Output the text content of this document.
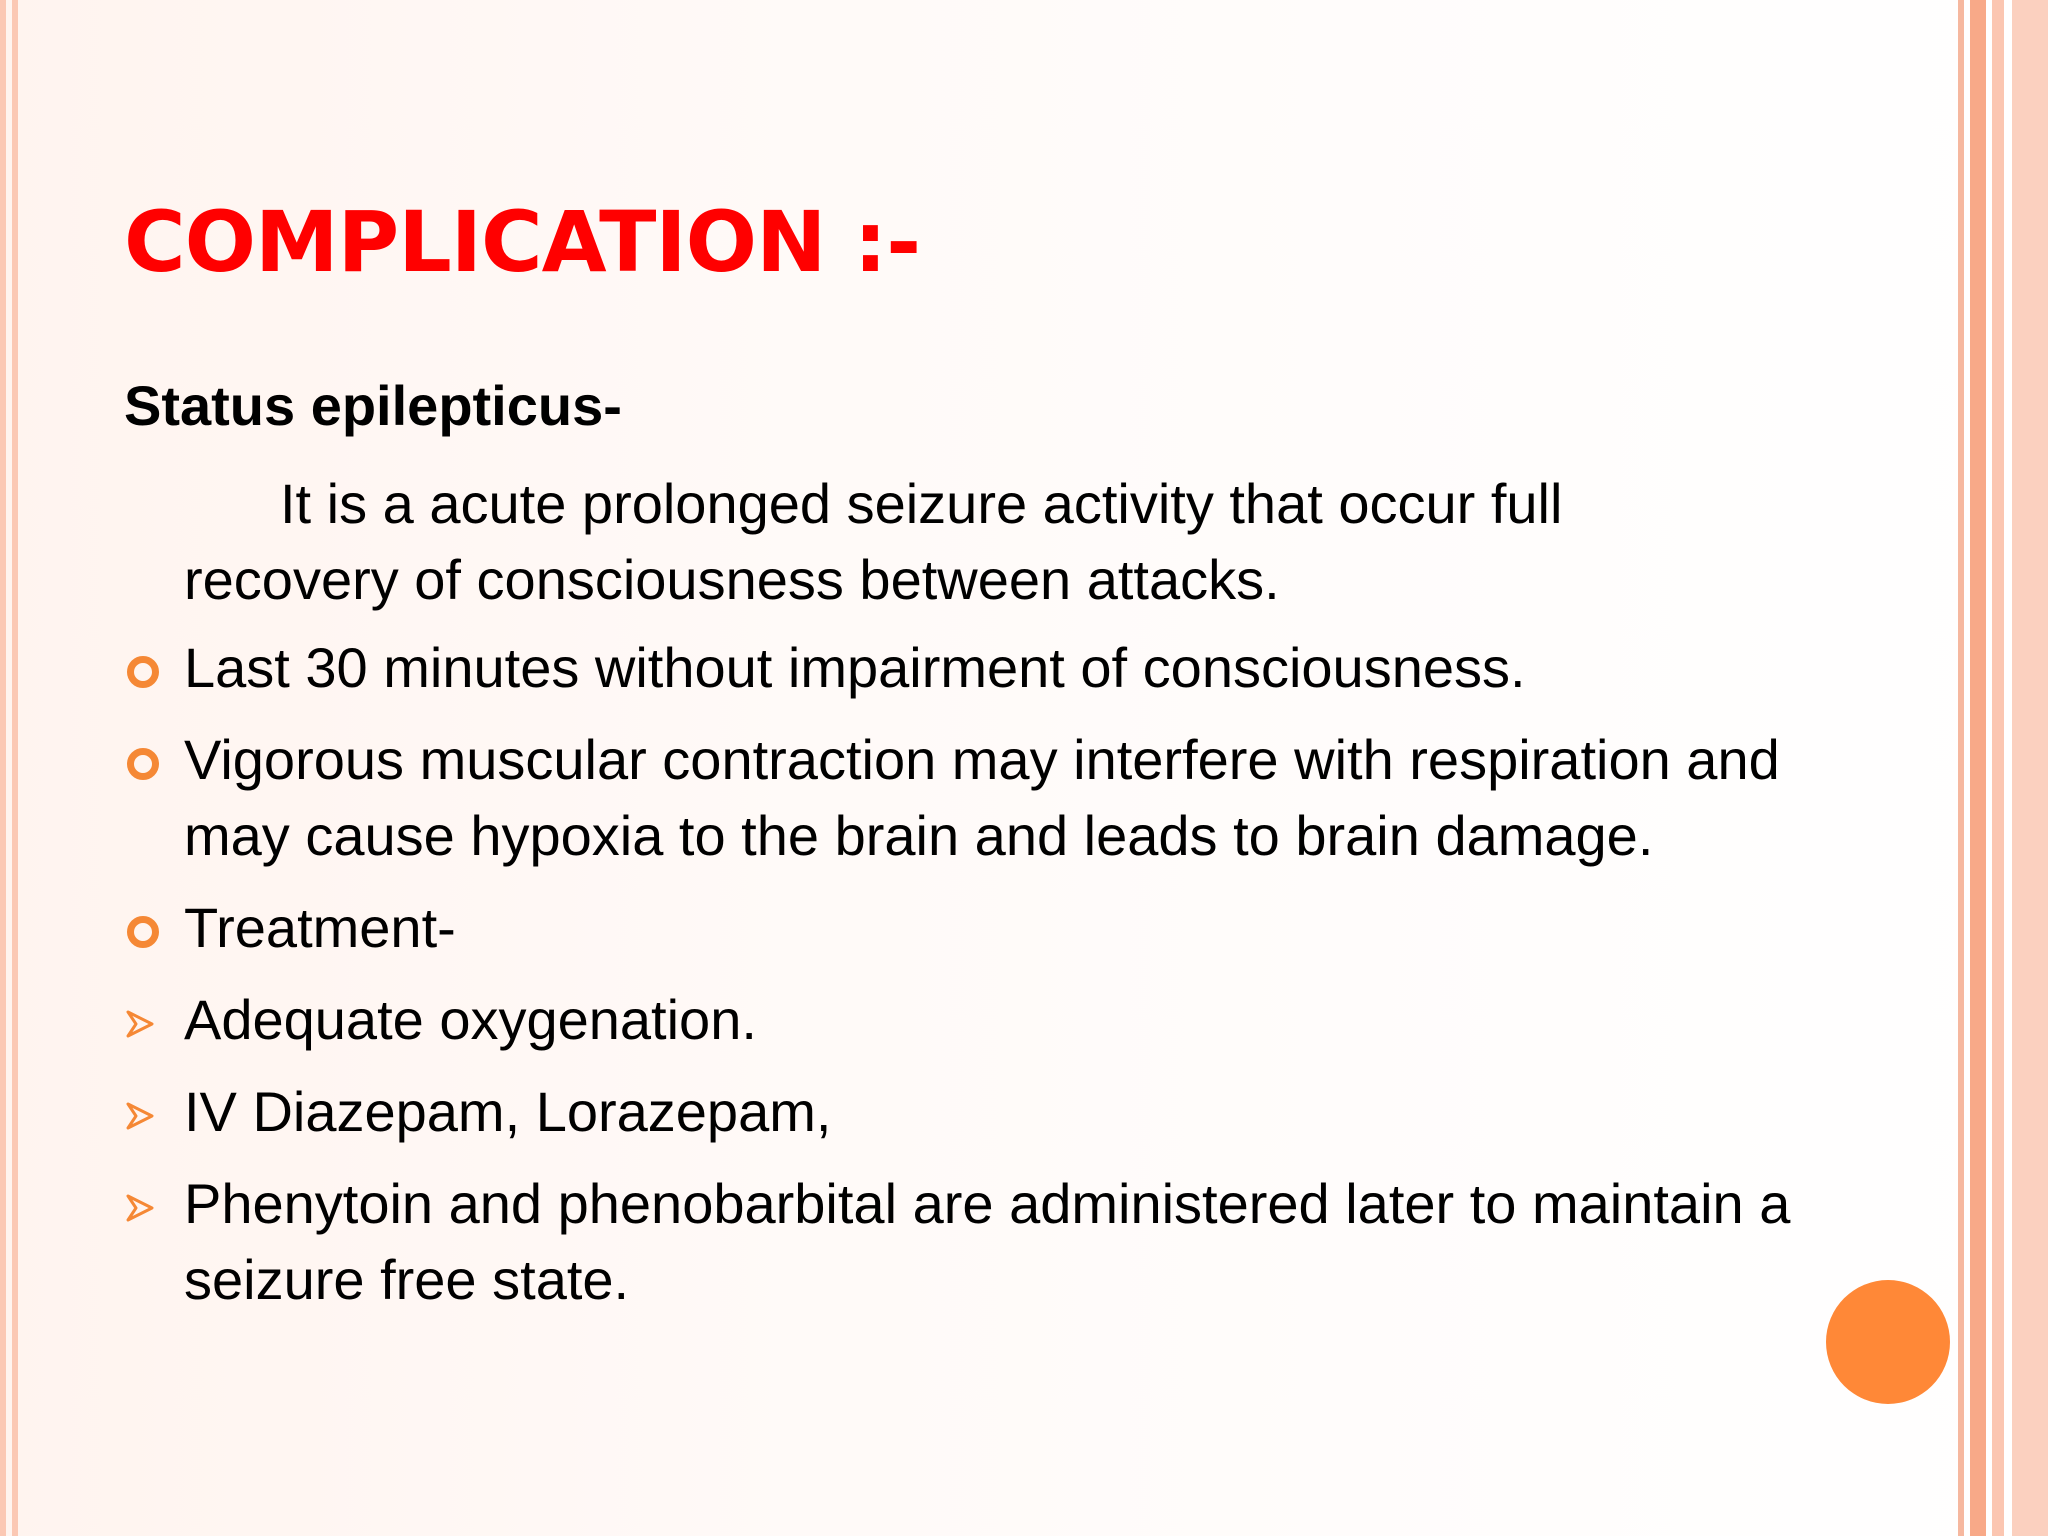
COMPLICATION :-

Status epilepticus-

It is a acute prolonged seizure activity that occur full recovery of consciousness between attacks.

Last 30 minutes without impairment of consciousness.
Vigorous muscular contraction may interfere with respiration and may cause hypoxia to the brain and leads to brain damage.
Treatment-
Adequate oxygenation.
IV Diazepam, Lorazepam,
Phenytoin and phenobarbital are administered later to maintain a seizure free state.
